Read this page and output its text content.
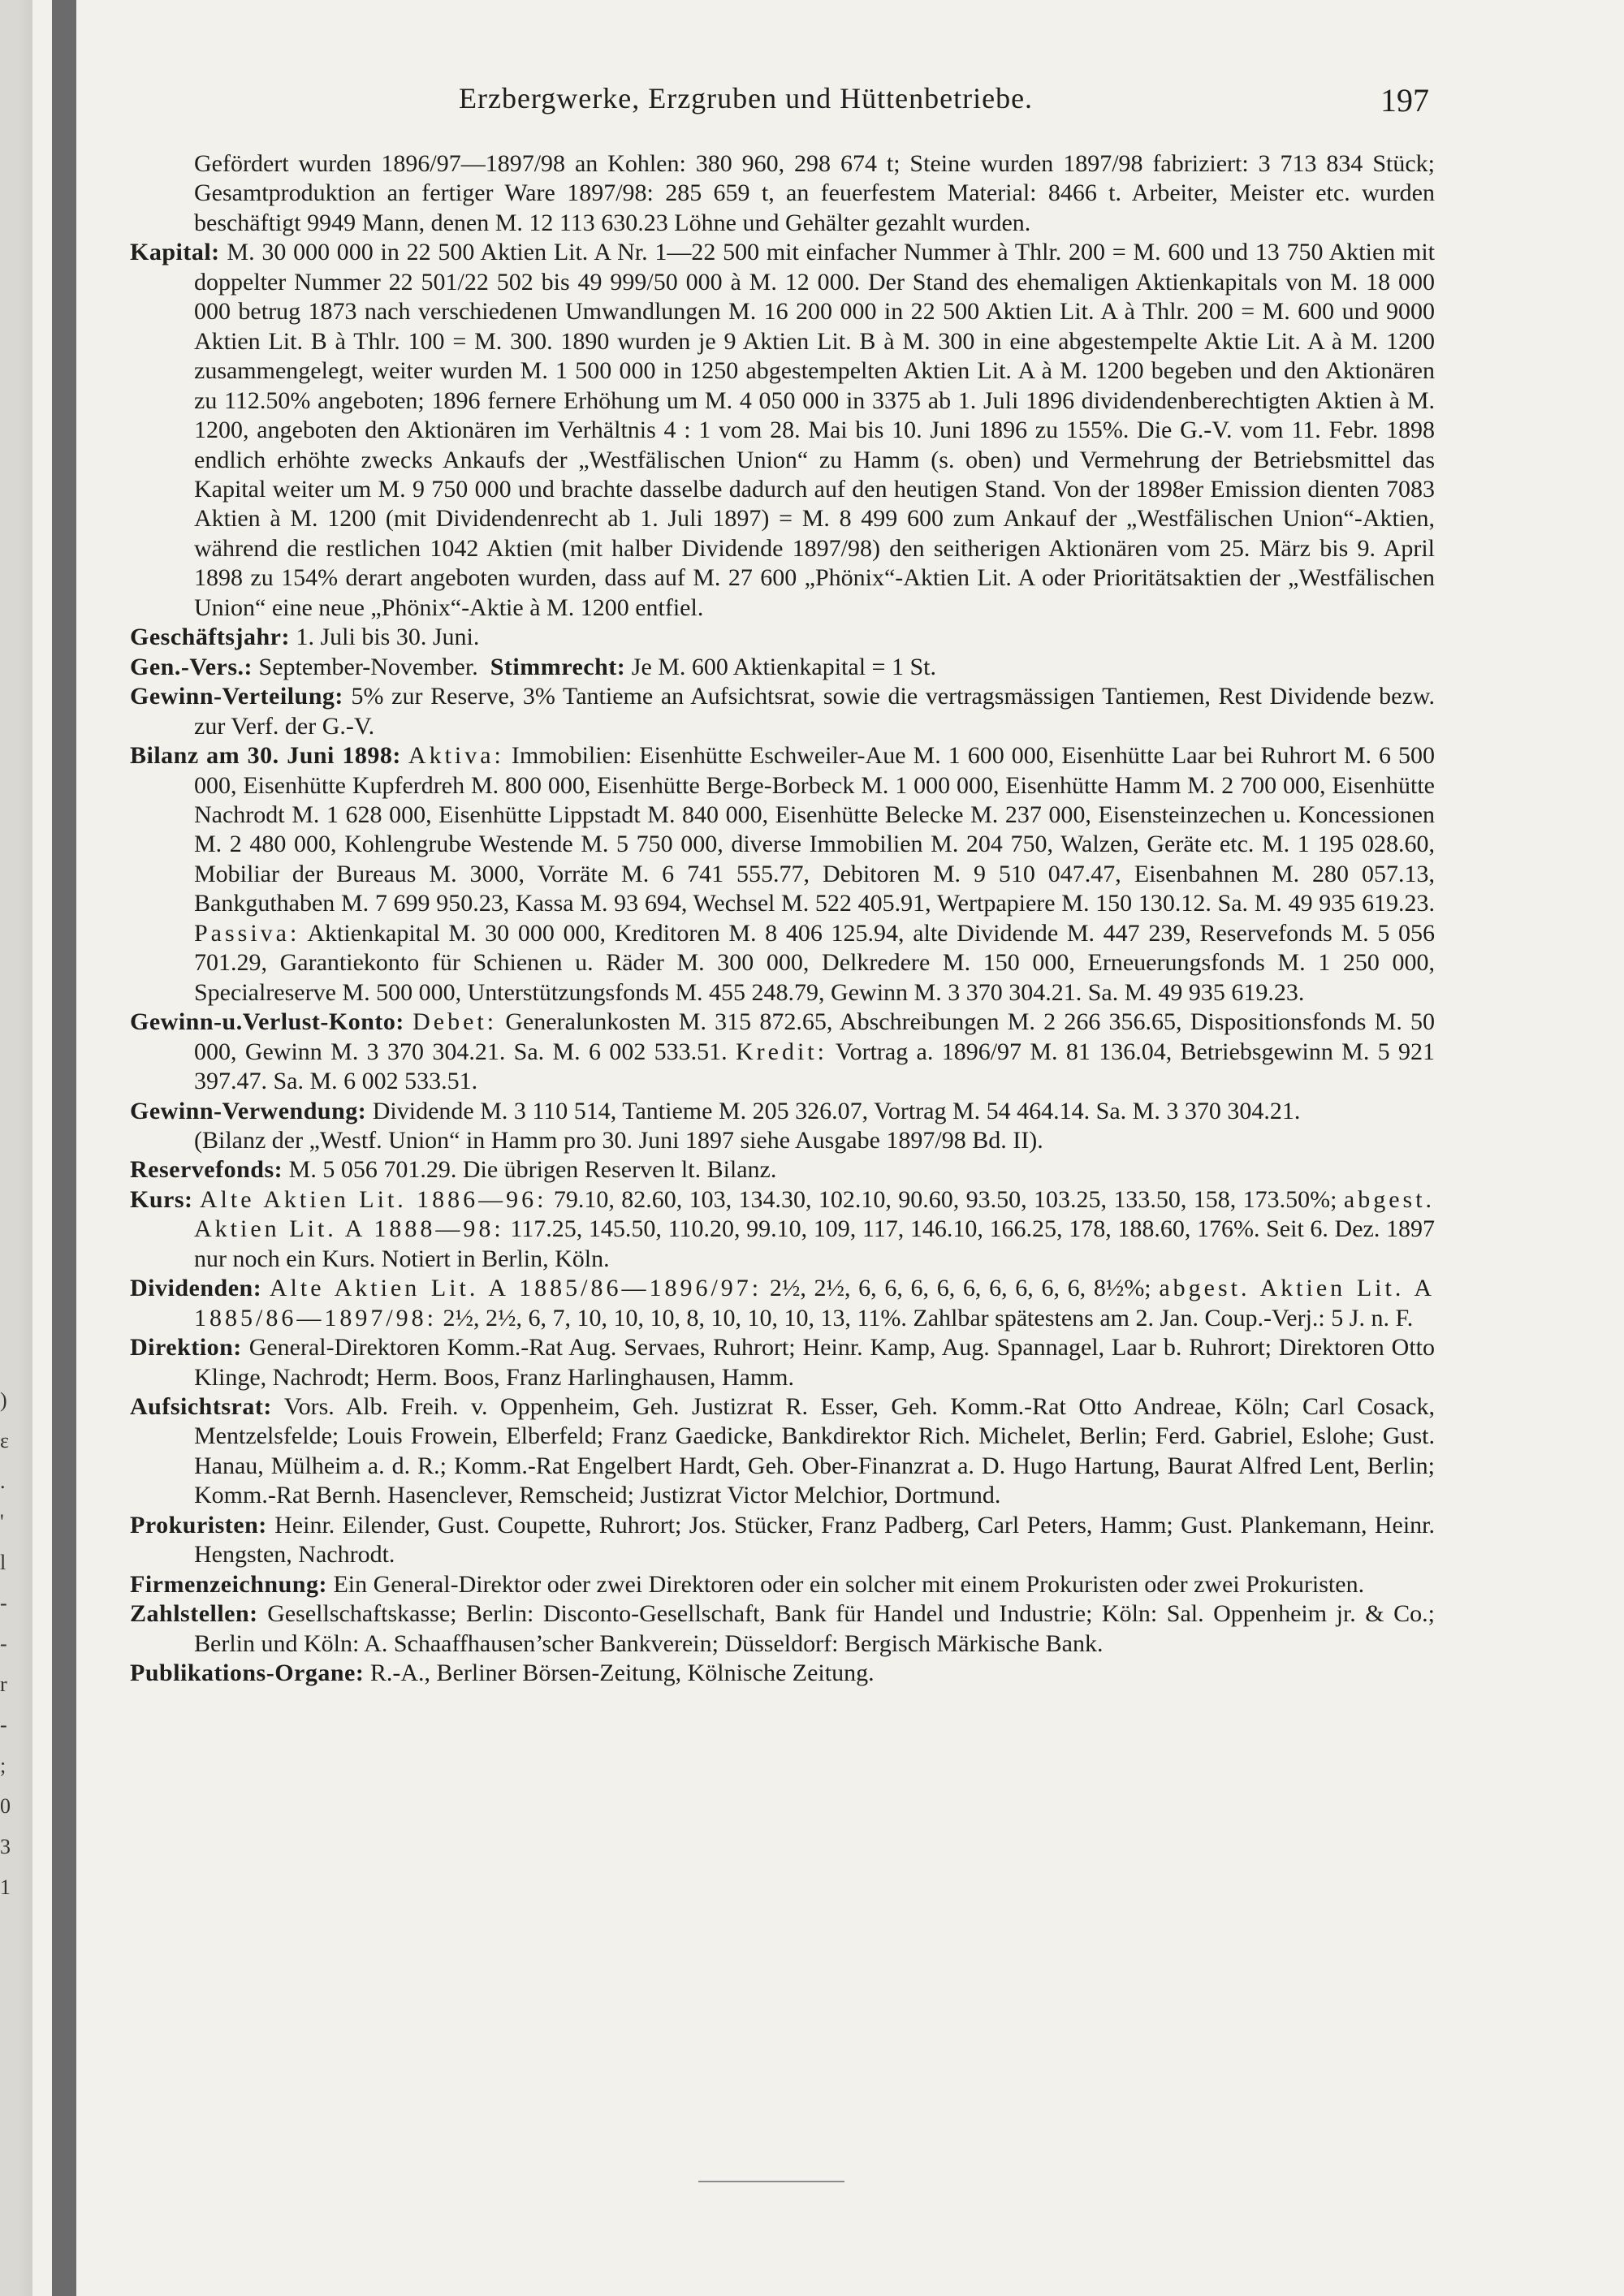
)
ɛ
.
'
l
-
-
r
-
;
0
3
1
Erzbergwerke, Erzgruben und Hüttenbetriebe.	197

Gefördert wurden 1896/97—1897/98 an Kohlen: 380 960, 298 674 t; Steine wurden 1897/98 fabriziert: 3 713 834 Stück; Gesamtproduktion an fertiger Ware 1897/98: 285 659 t, an feuerfestem Material: 8466 t. Arbeiter, Meister etc. wurden beschäftigt 9949 Mann, denen M. 12 113 630.23 Löhne und Gehälter gezahlt wurden.

Kapital: M. 30 000 000 in 22 500 Aktien Lit. A Nr. 1—22 500 mit einfacher Nummer à Thlr. 200 = M. 600 und 13 750 Aktien mit doppelter Nummer 22 501/22 502 bis 49 999/50 000 à M. 12 000. Der Stand des ehemaligen Aktienkapitals von M. 18 000 000 betrug 1873 nach verschiedenen Umwandlungen M. 16 200 000 in 22 500 Aktien Lit. A à Thlr. 200 = M. 600 und 9000 Aktien Lit. B à Thlr. 100 = M. 300. 1890 wurden je 9 Aktien Lit. B à M. 300 in eine abgestempelte Aktie Lit. A à M. 1200 zusammengelegt, weiter wurden M. 1 500 000 in 1250 abgestempelten Aktien Lit. A à M. 1200 begeben und den Aktionären zu 112.50% angeboten; 1896 fernere Erhöhung um M. 4 050 000 in 3375 ab 1. Juli 1896 dividendenberechtigten Aktien à M. 1200, angeboten den Aktionären im Verhältnis 4 : 1 vom 28. Mai bis 10. Juni 1896 zu 155%. Die G.-V. vom 11. Febr. 1898 endlich erhöhte zwecks Ankaufs der „Westfälischen Union“ zu Hamm (s. oben) und Vermehrung der Betriebsmittel das Kapital weiter um M. 9 750 000 und brachte dasselbe dadurch auf den heutigen Stand. Von der 1898er Emission dienten 7083 Aktien à M. 1200 (mit Dividendenrecht ab 1. Juli 1897) = M. 8 499 600 zum Ankauf der „Westfälischen Union“-Aktien, während die restlichen 1042 Aktien (mit halber Dividende 1897/98) den seitherigen Aktionären vom 25. März bis 9. April 1898 zu 154% derart angeboten wurden, dass auf M. 27 600 „Phönix“-Aktien Lit. A oder Prioritätsaktien der „Westfälischen Union“ eine neue „Phönix“-Aktie à M. 1200 entfiel.

Geschäftsjahr: 1. Juli bis 30. Juni.

Gen.-Vers.: September-November. Stimmrecht: Je M. 600 Aktienkapital = 1 St.

Gewinn-Verteilung: 5% zur Reserve, 3% Tantieme an Aufsichtsrat, sowie die vertragsmässigen Tantiemen, Rest Dividende bezw. zur Verf. der G.-V.

Bilanz am 30. Juni 1898: Aktiva: Immobilien: Eisenhütte Eschweiler-Aue M. 1 600 000, Eisenhütte Laar bei Ruhrort M. 6 500 000, Eisenhütte Kupferdreh M. 800 000, Eisenhütte Berge-Borbeck M. 1 000 000, Eisenhütte Hamm M. 2 700 000, Eisenhütte Nachrodt M. 1 628 000, Eisenhütte Lippstadt M. 840 000, Eisenhütte Belecke M. 237 000, Eisensteinzechen u. Koncessionen M. 2 480 000, Kohlengrube Westende M. 5 750 000, diverse Immobilien M. 204 750, Walzen, Geräte etc. M. 1 195 028.60, Mobiliar der Bureaus M. 3000, Vorräte M. 6 741 555.77, Debitoren M. 9 510 047.47, Eisenbahnen M. 280 057.13, Bankguthaben M. 7 699 950.23, Kassa M. 93 694, Wechsel M. 522 405.91, Wertpapiere M. 150 130.12. Sa. M. 49 935 619.23. Passiva: Aktienkapital M. 30 000 000, Kreditoren M. 8 406 125.94, alte Dividende M. 447 239, Reservefonds M. 5 056 701.29, Garantiekonto für Schienen u. Räder M. 300 000, Delkredere M. 150 000, Erneuerungsfonds M. 1 250 000, Specialreserve M. 500 000, Unterstützungsfonds M. 455 248.79, Gewinn M. 3 370 304.21. Sa. M. 49 935 619.23.

Gewinn-u.Verlust-Konto: Debet: Generalunkosten M. 315 872.65, Abschreibungen M. 2 266 356.65, Dispositionsfonds M. 50 000, Gewinn M. 3 370 304.21. Sa. M. 6 002 533.51. Kredit: Vortrag a. 1896/97 M. 81 136.04, Betriebsgewinn M. 5 921 397.47. Sa. M. 6 002 533.51.

Gewinn-Verwendung: Dividende M. 3 110 514, Tantieme M. 205 326.07, Vortrag M. 54 464.14. Sa. M. 3 370 304.21.

(Bilanz der „Westf. Union“ in Hamm pro 30. Juni 1897 siehe Ausgabe 1897/98 Bd. II).

Reservefonds: M. 5 056 701.29. Die übrigen Reserven lt. Bilanz.

Kurs: Alte Aktien Lit. 1886—96: 79.10, 82.60, 103, 134.30, 102.10, 90.60, 93.50, 103.25, 133.50, 158, 173.50%; abgest. Aktien Lit. A 1888—98: 117.25, 145.50, 110.20, 99.10, 109, 117, 146.10, 166.25, 178, 188.60, 176%. Seit 6. Dez. 1897 nur noch ein Kurs. Notiert in Berlin, Köln.

Dividenden: Alte Aktien Lit. A 1885/86—1896/97: 2½, 2½, 6, 6, 6, 6, 6, 6, 6, 6, 6, 8½%; abgest. Aktien Lit. A 1885/86—1897/98: 2½, 2½, 6, 7, 10, 10, 10, 8, 10, 10, 10, 13, 11%. Zahlbar spätestens am 2. Jan. Coup.-Verj.: 5 J. n. F.

Direktion: General-Direktoren Komm.-Rat Aug. Servaes, Ruhrort; Heinr. Kamp, Aug. Spannagel, Laar b. Ruhrort; Direktoren Otto Klinge, Nachrodt; Herm. Boos, Franz Harlinghausen, Hamm.

Aufsichtsrat: Vors. Alb. Freih. v. Oppenheim, Geh. Justizrat R. Esser, Geh. Komm.-Rat Otto Andreae, Köln; Carl Cosack, Mentzelsfelde; Louis Frowein, Elberfeld; Franz Gaedicke, Bankdirektor Rich. Michelet, Berlin; Ferd. Gabriel, Eslohe; Gust. Hanau, Mülheim a. d. R.; Komm.-Rat Engelbert Hardt, Geh. Ober-Finanzrat a. D. Hugo Hartung, Baurat Alfred Lent, Berlin; Komm.-Rat Bernh. Hasenclever, Remscheid; Justizrat Victor Melchior, Dortmund.

Prokuristen: Heinr. Eilender, Gust. Coupette, Ruhrort; Jos. Stücker, Franz Padberg, Carl Peters, Hamm; Gust. Plankemann, Heinr. Hengsten, Nachrodt.

Firmenzeichnung: Ein General-Direktor oder zwei Direktoren oder ein solcher mit einem Prokuristen oder zwei Prokuristen.

Zahlstellen: Gesellschaftskasse; Berlin: Disconto-Gesellschaft, Bank für Handel und Industrie; Köln: Sal. Oppenheim jr. & Co.; Berlin und Köln: A. Schaaffhausen’scher Bankverein; Düsseldorf: Bergisch Märkische Bank.

Publikations-Organe: R.-A., Berliner Börsen-Zeitung, Kölnische Zeitung.
